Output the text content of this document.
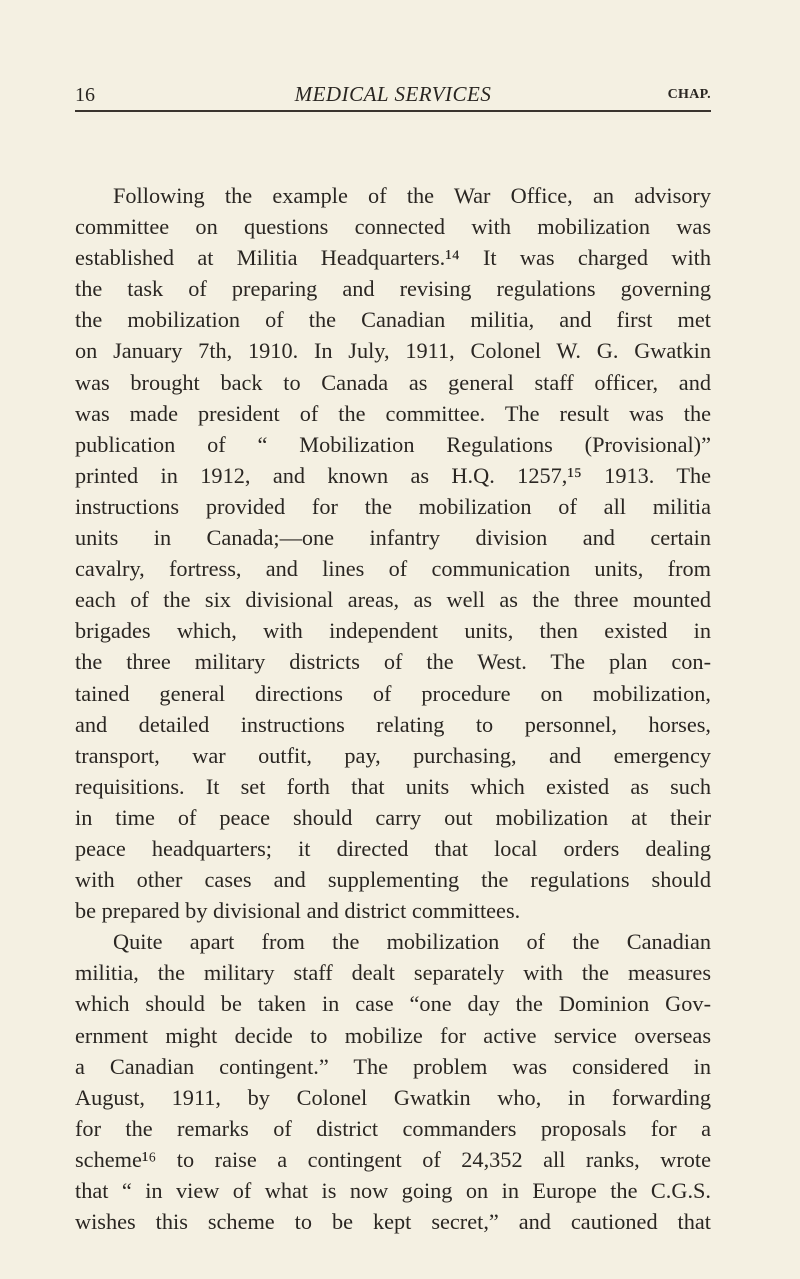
16	MEDICAL SERVICES	CHAP.
Following the example of the War Office, an advisory
committee on questions connected with mobilization was
established at Militia Headquarters.¹⁴ It was charged with
the task of preparing and revising regulations governing
the mobilization of the Canadian militia, and first met
on January 7th, 1910. In July, 1911, Colonel W. G. Gwatkin
was brought back to Canada as general staff officer, and
was made president of the committee. The result was the
publication of “ Mobilization Regulations (Provisional)”
printed in 1912, and known as H.Q. 1257,¹⁵ 1913. The
instructions provided for the mobilization of all militia
units in Canada;—one infantry division and certain
cavalry, fortress, and lines of communication units, from
each of the six divisional areas, as well as the three mounted
brigades which, with independent units, then existed in
the three military districts of the West. The plan con-
tained general directions of procedure on mobilization,
and detailed instructions relating to personnel, horses,
transport, war outfit, pay, purchasing, and emergency
requisitions. It set forth that units which existed as such
in time of peace should carry out mobilization at their
peace headquarters; it directed that local orders dealing
with other cases and supplementing the regulations should
be prepared by divisional and district committees.
Quite apart from the mobilization of the Canadian
militia, the military staff dealt separately with the measures
which should be taken in case “one day the Dominion Gov-
ernment might decide to mobilize for active service overseas
a Canadian contingent.” The problem was considered in
August, 1911, by Colonel Gwatkin who, in forwarding
for the remarks of district commanders proposals for a
scheme¹⁶ to raise a contingent of 24,352 all ranks, wrote
that “ in view of what is now going on in Europe the C.G.S.
wishes this scheme to be kept secret,” and cautioned that
